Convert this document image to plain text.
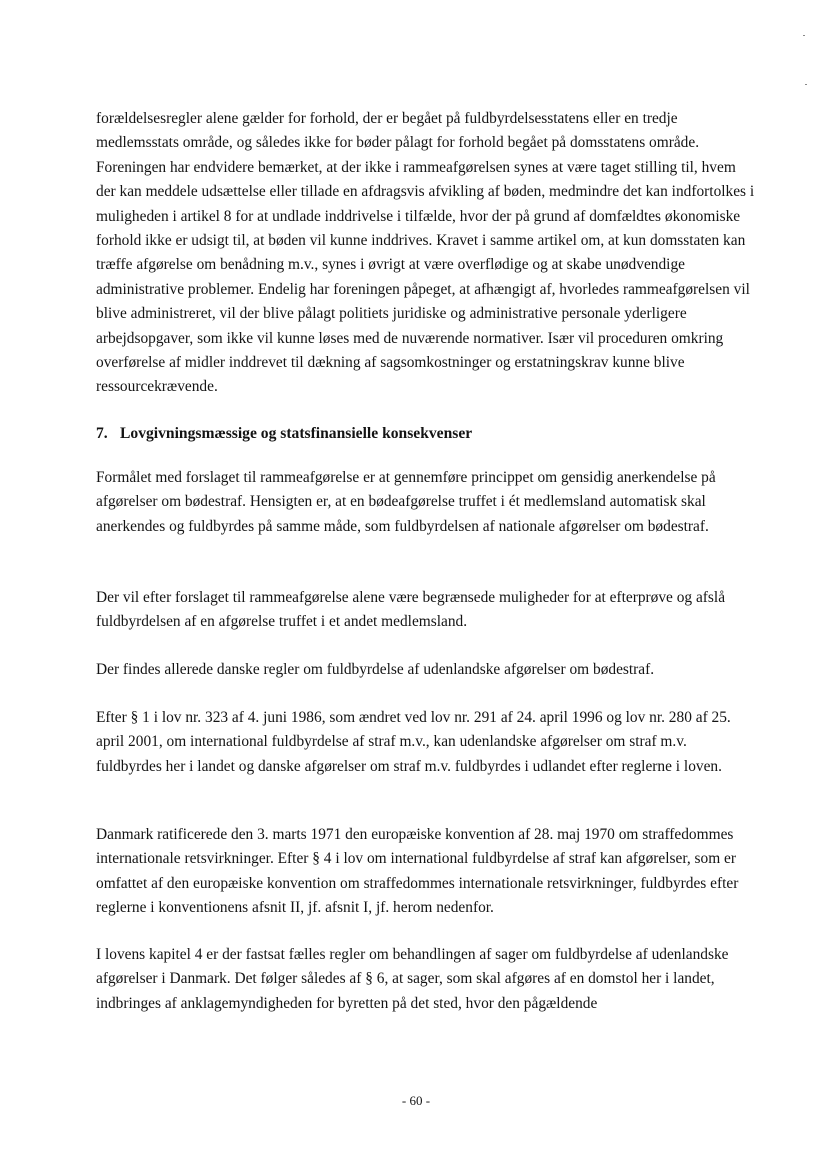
forældelsesregler alene gælder for forhold, der er begået på fuldbyrdelsesstatens eller en tredje medlemsstats område, og således ikke for bøder pålagt for forhold begået på domsstatens område. Foreningen har endvidere bemærket, at der ikke i rammeafgørelsen synes at være taget stilling til, hvem der kan meddele udsættelse eller tillade en afdragsvis afvikling af bøden, medmindre det kan indfortolkes i muligheden i artikel 8 for at undlade inddrivelse i tilfælde, hvor der på grund af domfældtes økonomiske forhold ikke er udsigt til, at bøden vil kunne inddrives. Kravet i samme artikel om, at kun domsstaten kan træffe afgørelse om benådning m.v., synes i øvrigt at være overflødige og at skabe unødvendige administrative problemer. Endelig har foreningen påpeget, at afhængigt af, hvorledes rammeafgørelsen vil blive administreret, vil der blive pålagt politiets juridiske og administrative personale yderligere arbejdsopgaver, som ikke vil kunne løses med de nuværende normativer. Især vil proceduren omkring overførelse af midler inddrevet til dækning af sagsomkostninger og erstatningskrav kunne blive ressourcekrævende.

7. Lovgivningsmæssige og statsfinansielle konsekvenser

Formålet med forslaget til rammeafgørelse er at gennemføre princippet om gensidig anerkendelse på afgørelser om bødestraf. Hensigten er, at en bødeafgørelse truffet i ét medlemsland automatisk skal anerkendes og fuldbyrdes på samme måde, som fuldbyrdelsen af nationale afgørelser om bødestraf.

Der vil efter forslaget til rammeafgørelse alene være begrænsede muligheder for at efterprøve og afslå fuldbyrdelsen af en afgørelse truffet i et andet medlemsland.

Der findes allerede danske regler om fuldbyrdelse af udenlandske afgørelser om bødestraf.

Efter § 1 i lov nr. 323 af 4. juni 1986, som ændret ved lov nr. 291 af 24. april 1996 og lov nr. 280 af 25. april 2001, om international fuldbyrdelse af straf m.v., kan udenlandske afgørelser om straf m.v. fuldbyrdes her i landet og danske afgørelser om straf m.v. fuldbyrdes i udlandet efter reglerne i loven.

Danmark ratificerede den 3. marts 1971 den europæiske konvention af 28. maj 1970 om straffedommes internationale retsvirkninger. Efter § 4 i lov om international fuldbyrdelse af straf kan afgørelser, som er omfattet af den europæiske konvention om straffedommes internationale retsvirkninger, fuldbyrdes efter reglerne i konventionens afsnit II, jf. afsnit I, jf. herom nedenfor.

I lovens kapitel 4 er der fastsat fælles regler om behandlingen af sager om fuldbyrdelse af udenlandske afgørelser i Danmark. Det følger således af § 6, at sager, som skal afgøres af en domstol her i landet, indbringes af anklagemyndigheden for byretten på det sted, hvor den pågældende

- 60 -
